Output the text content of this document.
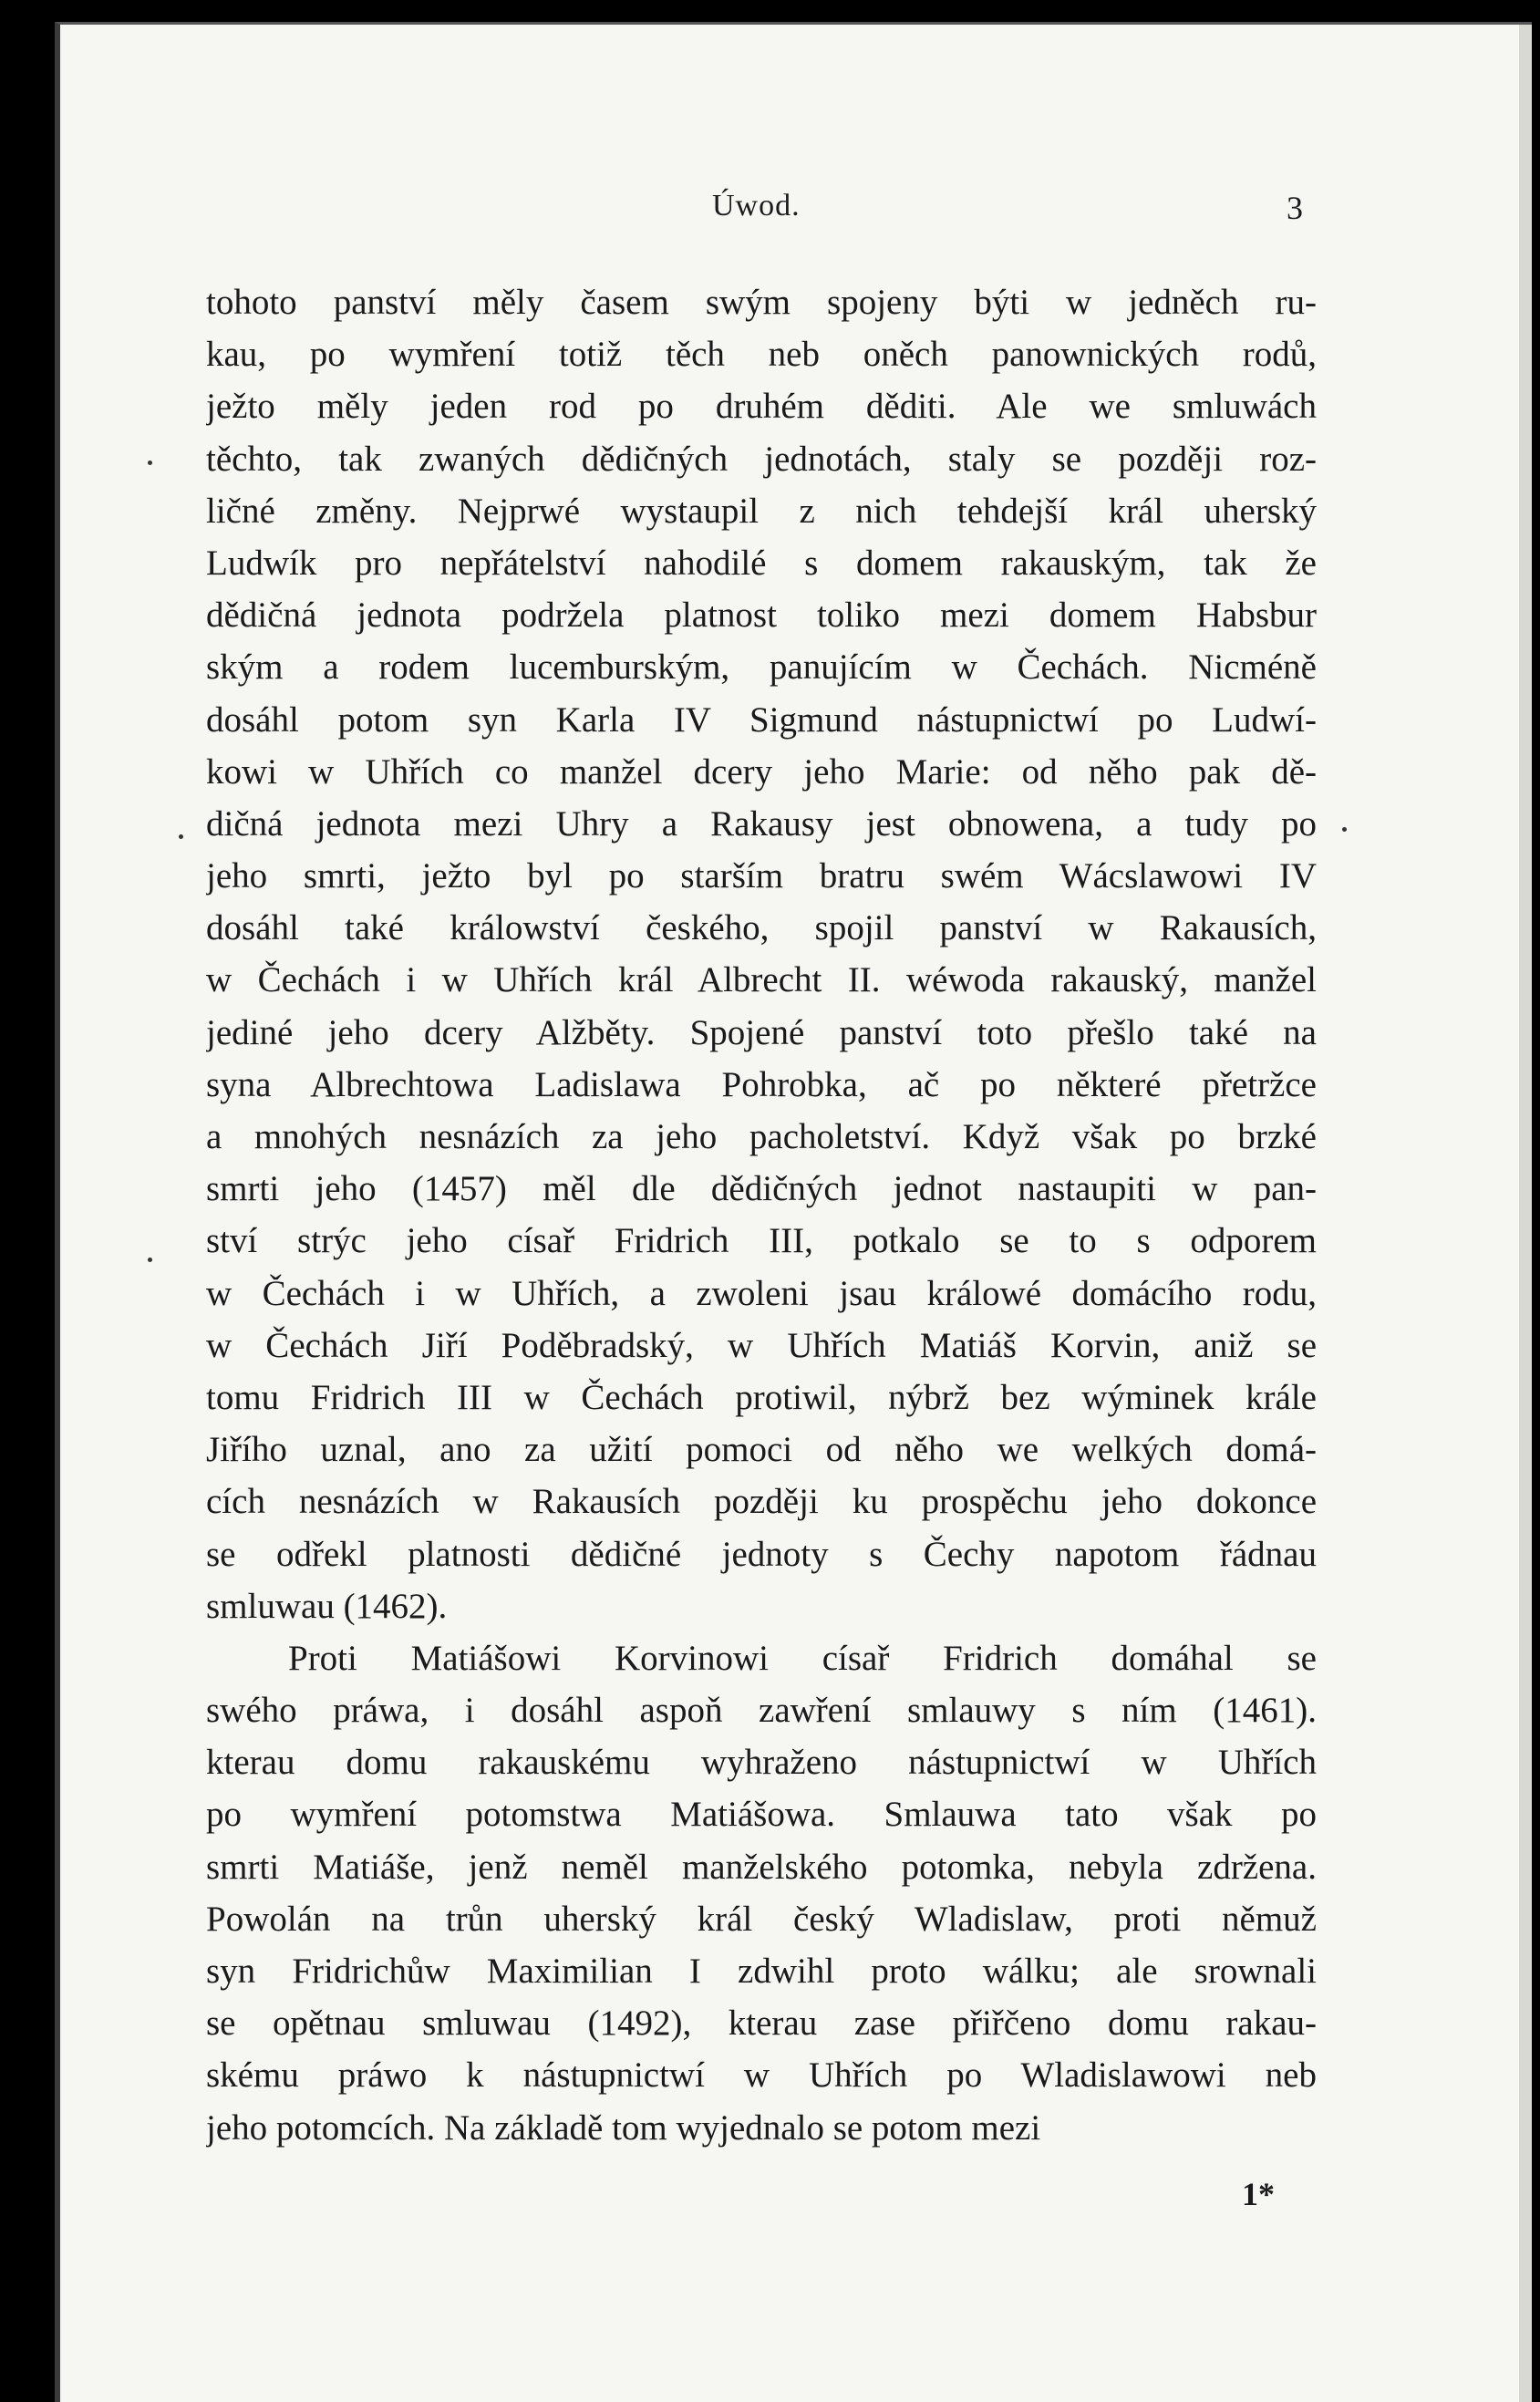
Úwod.	3
tohoto panství měly časem swým spojeny býti w jedněch ru-
kau, po wymření totiž těch neb oněch panownických rodů,
ježto měly jeden rod po druhém děditi. Ale we smluwách
těchto, tak zwaných dědičných jednotách, staly se později roz-
ličné změny. Nejprwé wystaupil z nich tehdejší král uherský
Ludwík pro nepřátelství nahodilé s domem rakauským, tak že
dědičná jednota podržela platnost toliko mezi domem Habsbur
ským a rodem lucemburským, panujícím w Čechách. Nicméně
dosáhl potom syn Karla IV Sigmund nástupnictwí po Ludwí-
kowi w Uhřích co manžel dcery jeho Marie: od něho pak dě-
dičná jednota mezi Uhry a Rakausy jest obnowena, a tudy po
jeho smrti, ježto byl po starším bratru swém Wácslawowi IV
dosáhl také králowství českého, spojil panství w Rakausích,
w Čechách i w Uhřích král Albrecht II. wéwoda rakauský, manžel
jediné jeho dcery Alžběty. Spojené panství toto přešlo také na
syna Albrechtowa Ladislawa Pohrobka, ač po některé přetržce
a mnohých nesnázích za jeho pacholetství. Když však po brzké
smrti jeho (1457) měl dle dědičných jednot nastaupiti w pan-
ství strýc jeho císař Fridrich III, potkalo se to s odporem
w Čechách i w Uhřích, a zwoleni jsau králowé domácího rodu,
w Čechách Jiří Poděbradský, w Uhřích Matiáš Korvin, aniž se
tomu Fridrich III w Čechách protiwil, nýbrž bez wýminek krále
Jiřího uznal, ano za užití pomoci od něho we welkých domá-
cích nesnázích w Rakausích později ku prospěchu jeho dokonce
se odřekl platnosti dědičné jednoty s Čechy napotom řádnau
smluwau (1462).
Proti Matiášowi Korvinowi císař Fridrich domáhal se
swého práwa, i dosáhl aspoň zawření smlauwy s ním (1461).
kterau domu rakauskému wyhraženo nástupnictwí w Uhřích
po wymření potomstwa Matiášowa. Smlauwa tato však po
smrti Matiáše, jenž neměl manželského potomka, nebyla zdržena.
Powolán na trůn uherský král český Wladislaw, proti němuž
syn Fridrichůw Maximilian I zdwihl proto wálku; ale srownali
se opětnau smluwau (1492), kterau zase přiřčeno domu rakau-
skému práwo k nástupnictwí w Uhřích po Wladislawowi neb
jeho potomcích. Na základě tom wyjednalo se potom mezi
1*
